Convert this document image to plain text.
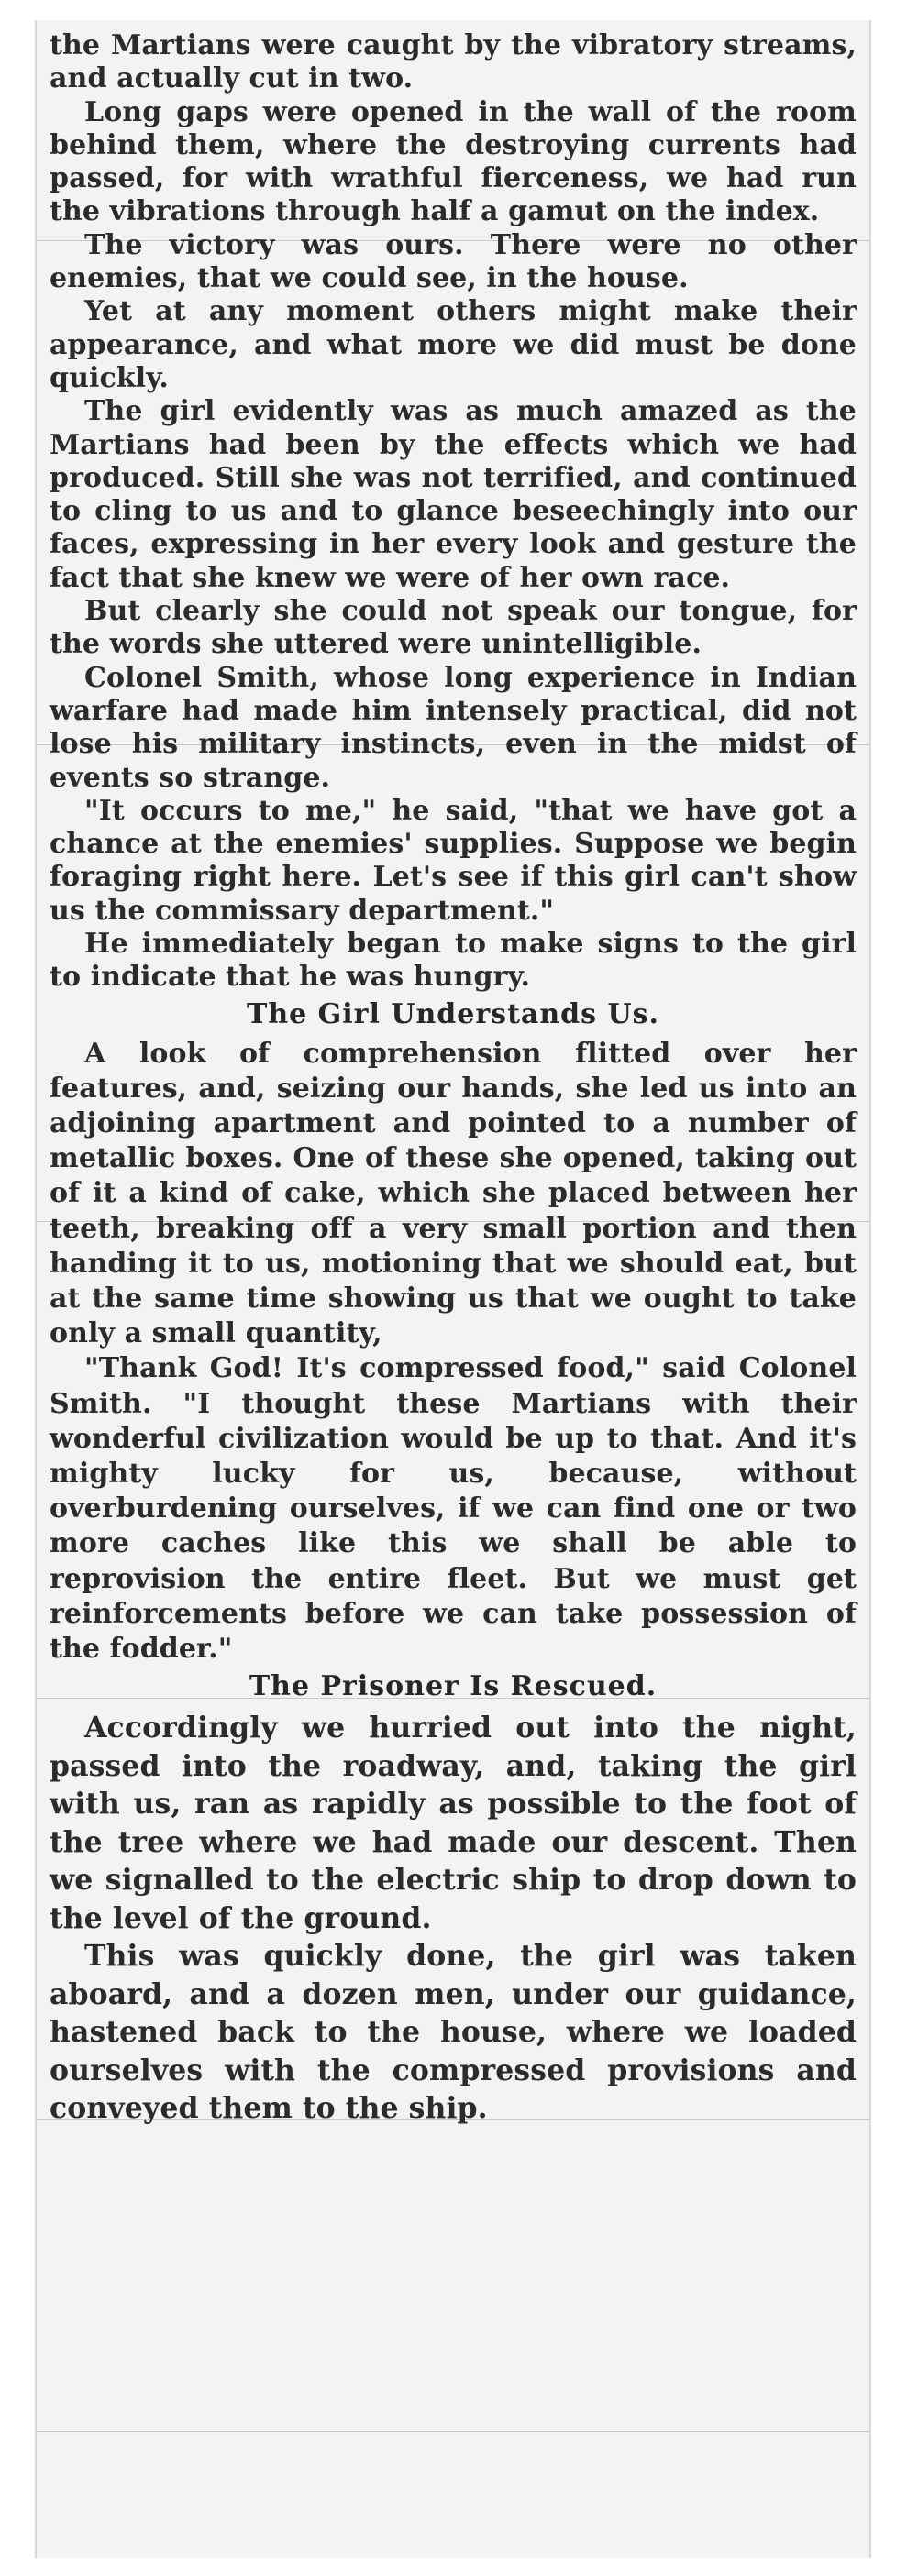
the Martians were caught by the vibratory streams, and actually cut in two.

Long gaps were opened in the wall of the room behind them, where the destroying currents had passed, for with wrathful fierceness, we had run the vibrations through half a gamut on the index.

The victory was ours. There were no other enemies, that we could see, in the house.

Yet at any moment others might make their appearance, and what more we did must be done quickly.

The girl evidently was as much amazed as the Martians had been by the effects which we had produced. Still she was not terrified, and continued to cling to us and to glance beseechingly into our faces, expressing in her every look and gesture the fact that she knew we were of her own race.

But clearly she could not speak our tongue, for the words she uttered were unintelligible.

Colonel Smith, whose long experience in Indian warfare had made him intensely practical, did not lose his military instincts, even in the midst of events so strange.

"It occurs to me," he said, "that we have got a chance at the enemies' supplies. Suppose we begin foraging right here. Let's see if this girl can't show us the commissary department."

He immediately began to make signs to the girl to indicate that he was hungry.

The Girl Understands Us.

A look of comprehension flitted over her features, and, seizing our hands, she led us into an adjoining apartment and pointed to a number of metallic boxes. One of these she opened, taking out of it a kind of cake, which she placed between her teeth, breaking off a very small portion and then handing it to us, motioning that we should eat, but at the same time showing us that we ought to take only a small quantity,

"Thank God! It's compressed food," said Colonel Smith. "I thought these Martians with their wonderful civilization would be up to that. And it's mighty lucky for us, because, without overburdening ourselves, if we can find one or two more caches like this we shall be able to reprovision the entire fleet. But we must get reinforcements before we can take possession of the fodder."

The Prisoner Is Rescued.

Accordingly we hurried out into the night, passed into the roadway, and, taking the girl with us, ran as rapidly as possible to the foot of the tree where we had made our descent. Then we signalled to the electric ship to drop down to the level of the ground.

This was quickly done, the girl was taken aboard, and a dozen men, under our guidance, hastened back to the house, where we loaded ourselves with the compressed provisions and conveyed them to the ship.
